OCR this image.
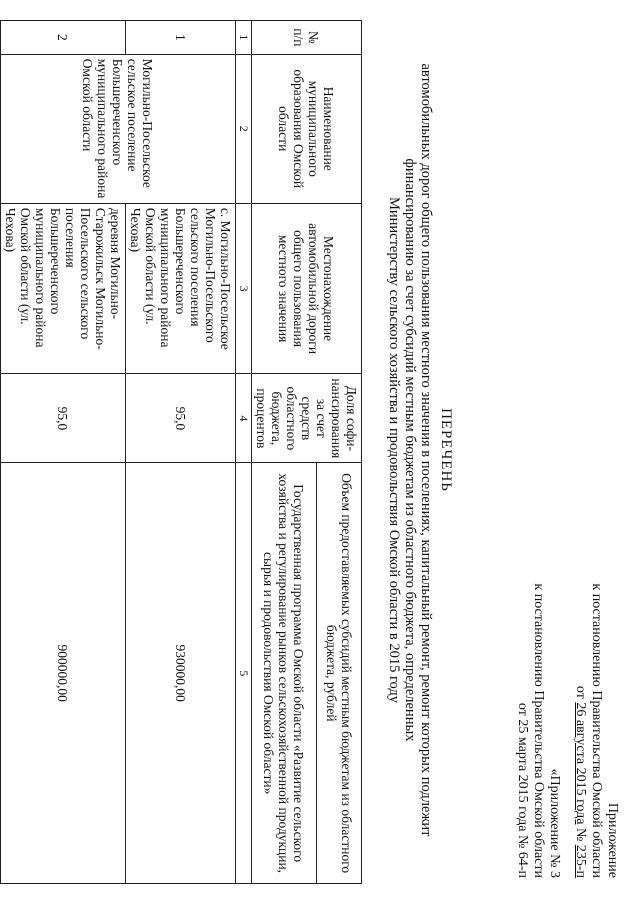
Приложение
к постановлению Правительства Омской области
от 26 августа 2015 года № 235-п
«Приложение № 3
к постановлению Правительства Омской области
от 25 марта 2015 года № 64-п
ПЕРЕЧЕНЬ
автомобильных дорог общего пользования местного значения в поселениях, капитальный ремонт, ремонт которых подлежит
финансированию за счет субсидий местным бюджетам из областного бюджета, определенных
Министерству сельского хозяйства и продовольствия Омской области в 2015 году
№ п/п	Наименование муниципального образования Омской области	Местонахождение автомобильной дороги общего пользования местного значения	Доля софи-нансирования за счет средств областного бюджета, процентов	Объем предоставляемых субсидий местным бюджетам из областного бюджета, рублей
				Государственная программа Омской области «Развитие сельского хозяйства и регулирование рынков сельскохозяйственной продукции, сырья и продовольствия Омской области»
1	2	3	4	5
1	Могильно-Посельское сельское поселение Большереченского муниципального района Омской области	с. Могильно-Посельское Могильно-Посельского сельского поселения Большереченского муниципального района Омской области (ул. Чехова)	95,0	930000,00
2		деревня Могильно-Старожильск Могильно-Посельского сельского поселения Большереченского муниципального района Омской области (ул. Чехова)	95,0	900000,00
